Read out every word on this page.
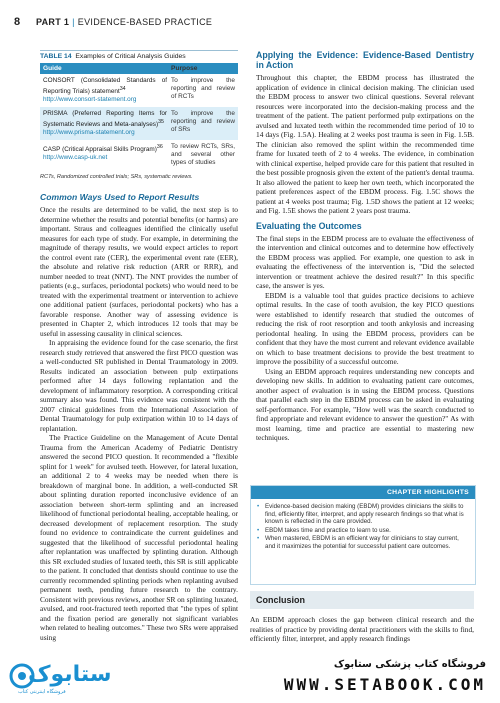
8 PART 1 | EVIDENCE-BASED PRACTICE
TABLE 14 Examples of Critical Analysis Guides
Guide	Purpose
CONSORT (Consolidated Standards of Reporting Trials) statement$^{34}$
http://www.consort-statement.org
To improve the reporting and review of RCTs
PRISMA (Preferred Reporting Items for Systematic Reviews and Meta-analyses)$^{35}$
http://www.prisma-statement.org
To improve the reporting and review of SRs
CASP (Critical Appraisal Skills Program)$^{36}$
http://www.casp-uk.net
To review RCTs, SRs, and several other types of studies
RCTs, Randomized controlled trials; SRs, systematic reviews.
Common Ways Used to Report Results

Once the results are determined to be valid, the next step is to determine whether the results and potential benefits (or harms) are important. Straus and colleagues identified the clinically useful measures for each type of study. For example, in determining the magnitude of therapy results, we would expect articles to report the control event rate (CER), the experimental event rate (EER), the absolute and relative risk reduction (ARR or RRR), and number needed to treat (NNT). The NNT provides the number of patients (e.g., surfaces, periodontal pockets) who would need to be treated with the experimental treatment or intervention to achieve one additional patient (surfaces, periodontal pockets) who has a favorable response. Another way of assessing evidence is presented in Chapter 2, which introduces 12 tools that may be useful in assessing causality in clinical sciences.

In appraising the evidence found for the case scenario, the first research study retrieved that answered the first PICO question was a well-conducted SR published in Dental Traumatology in 2009. Results indicated an association between pulp extirpations performed after 14 days following replantation and the development of inflammatory resorption. A corresponding critical summary also was found. This evidence was consistent with the 2007 clinical guidelines from the International Association of Dental Traumatology for pulp extirpation within 10 to 14 days of replantation.

The Practice Guideline on the Management of Acute Dental Trauma from the American Academy of Pediatric Dentistry answered the second PICO question. It recommended a "flexible splint for 1 week" for avulsed teeth. However, for lateral luxation, an additional 2 to 4 weeks may be needed when there is breakdown of marginal bone. In addition, a well-conducted SR about splinting duration reported inconclusive evidence of an association between short-term splinting and an increased likelihood of functional periodontal healing, acceptable healing, or decreased development of replacement resorption. The study found no evidence to contraindicate the current guidelines and suggested that the likelihood of successful periodontal healing after replantation was unaffected by splinting duration. Although this SR excluded studies of luxated teeth, this SR is still applicable to the patient. It concluded that dentists should continue to use the currently recommended splinting periods when replanting avulsed permanent teeth, pending future research to the contrary. Consistent with previous reviews, another SR on splinting luxated, avulsed, and root-fractured teeth reported that "the types of splint and the fixation period are generally not significant variables when related to healing outcomes." These two SRs were appraised using

Applying the Evidence: Evidence-Based Dentistry in Action

Throughout this chapter, the EBDM process has illustrated the application of evidence in clinical decision making. The clinician used the EBDM process to answer two clinical questions. Several relevant resources were incorporated into the decision-making process and the treatment of the patient. The patient performed pulp extirpations on the avulsed and luxated teeth within the recommended time period of 10 to 14 days (Fig. 1.5A). Healing at 2 weeks post trauma is seen in Fig. 1.5B. The clinician also removed the splint within the recommended time frame for luxated teeth of 2 to 4 weeks. The evidence, in combination with clinical expertise, helped provide care for this patient that resulted in the best possible prognosis given the extent of the patient's dental trauma. It also allowed the patient to keep her own teeth, which incorporated the patient preferences aspect of the EBDM process. Fig. 1.5C shows the patient at 4 weeks post trauma; Fig. 1.5D shows the patient at 12 weeks; and Fig. 1.5E shows the patient 2 years post trauma.

Evaluating the Outcomes

The final steps in the EBDM process are to evaluate the effectiveness of the intervention and clinical outcomes and to determine how effectively the EBDM process was applied. For example, one question to ask in evaluating the effectiveness of the intervention is, "Did the selected intervention or treatment achieve the desired result?" In this specific case, the answer is yes.

EBDM is a valuable tool that guides practice decisions to achieve optimal results. In the case of tooth avulsion, the key PICO questions were established to identify research that studied the outcomes of reducing the risk of root resorption and tooth ankylosis and increasing periodontal healing. In using the EBDM process, providers can be confident that they have the most current and relevant evidence available on which to base treatment decisions to provide the best treatment to improve the possibility of a successful outcome.

Using an EBDM approach requires understanding new concepts and developing new skills. In addition to evaluating patient care outcomes, another aspect of evaluation is in using the EBDM process. Questions that parallel each step in the EBDM process can be asked in evaluating self-performance. For example, "How well was the search conducted to find appropriate and relevant evidence to answer the question?" As with most learning, time and practice are essential to mastering new techniques.

CHAPTER HIGHLIGHTS
• Evidence-based decision making (EBDM) provides clinicians the skills to find, efficiently filter, interpret, and apply research findings so that what is known is reflected in the care provided.
• EBDM takes time and practice to learn to use.
• When mastered, EBDM is an efficient way for clinicians to stay current, and it maximizes the potential for successful patient care outcomes.
Conclusion
An EBDM approach closes the gap between clinical research and the realities of practice by providing dental practitioners with the skills to find, efficiently filter, interpret, and apply research findings
ستابوک
فروشگاه اینترنتی کتاب
فروشگاه کتاب پزشکی ستابوک
WWW.SETABOOK.COM
